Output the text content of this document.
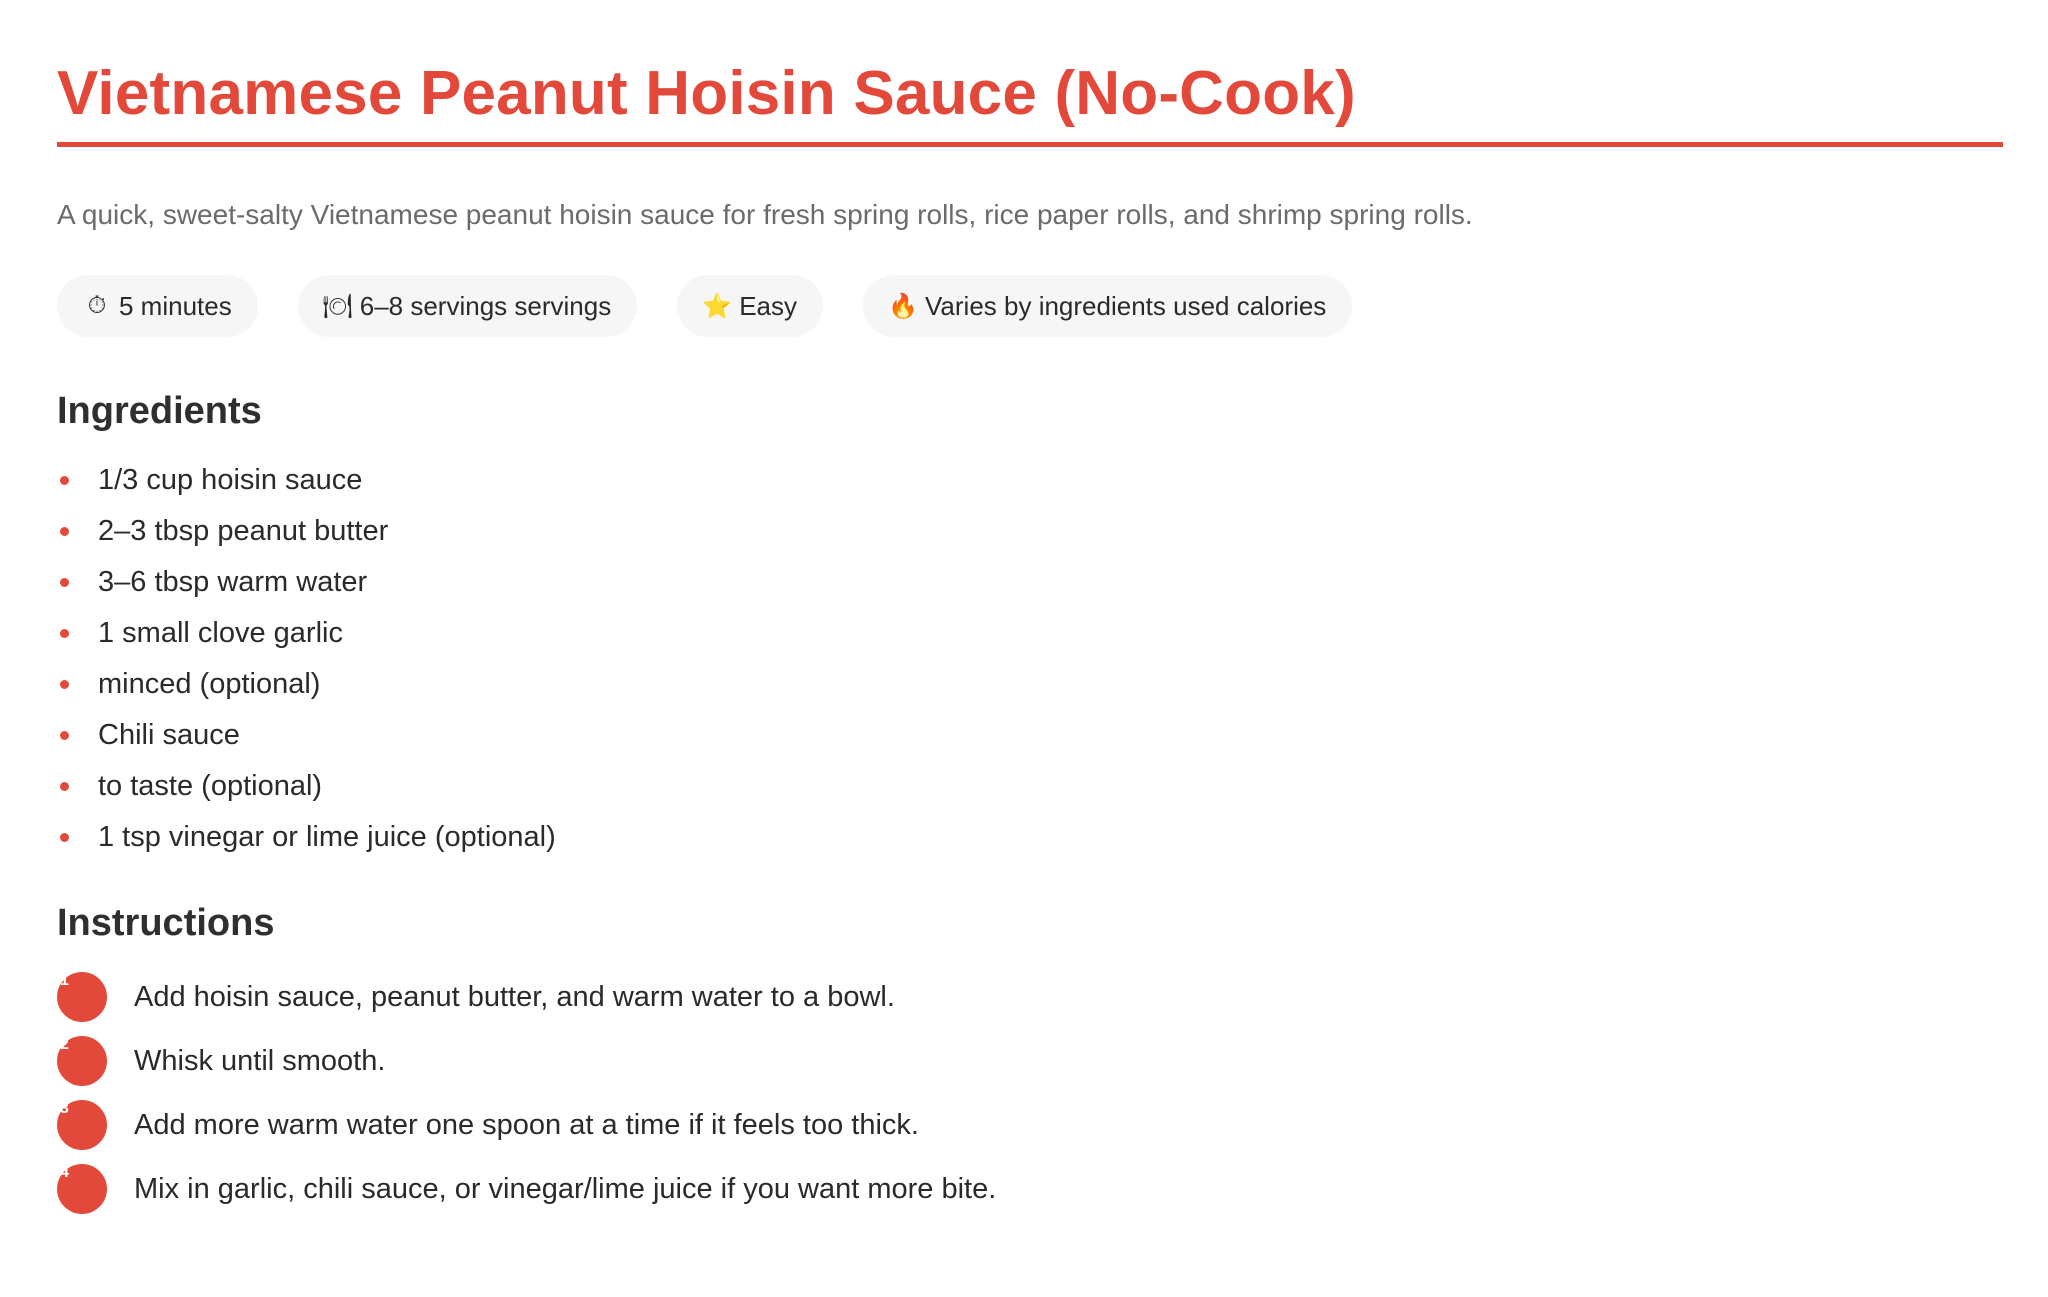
Vietnamese Peanut Hoisin Sauce (No-Cook)

A quick, sweet-salty Vietnamese peanut hoisin sauce for fresh spring rolls, rice paper rolls, and shrimp spring rolls.

⏱ 5 minutes	🍽 6–8 servings servings	⭐ Easy	🔥 Varies by ingredients used calories
Ingredients
1/3 cup hoisin sauce
2–3 tbsp peanut butter
3–6 tbsp warm water
1 small clove garlic
minced (optional)
Chili sauce
to taste (optional)
1 tsp vinegar or lime juice (optional)
Instructions
1 Add hoisin sauce, peanut butter, and warm water to a bowl.
2 Whisk until smooth.
3 Add more warm water one spoon at a time if it feels too thick.
4 Mix in garlic, chili sauce, or vinegar/lime juice if you want more bite.
